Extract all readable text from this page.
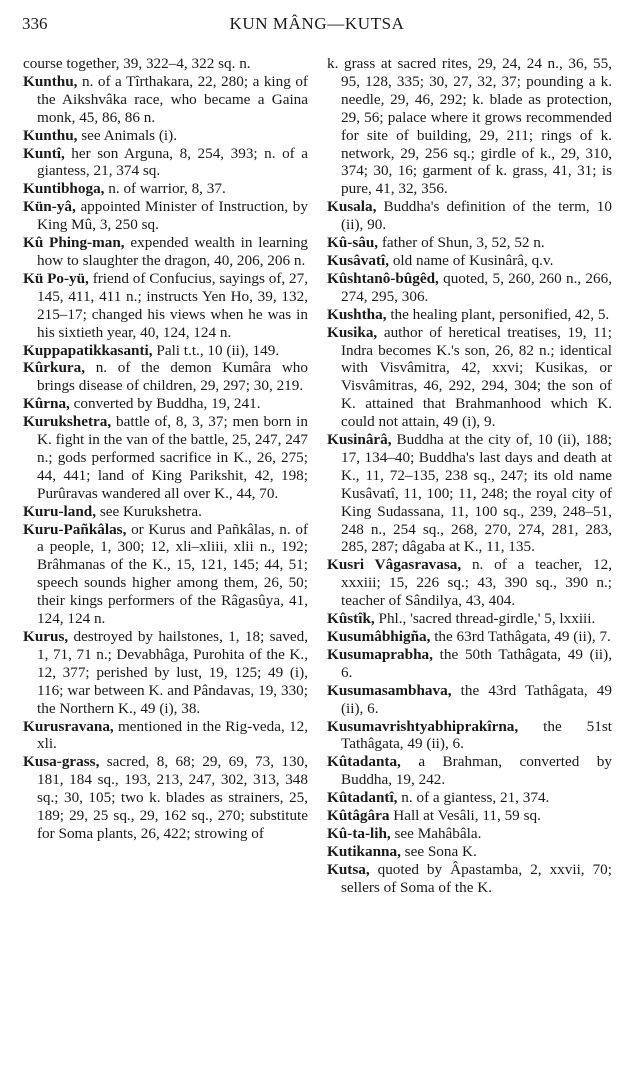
336	KUN MÂNG—KUTSA

course together, 39, 322–4, 322 sq. n.

Kunthu, n. of a Tîrthakara, 22, 280; a king of the Aikshvâka race, who became a Gaina monk, 45, 86, 86 n.

Kunthu, see Animals (i).

Kuntî, her son Arguna, 8, 254, 393; n. of a giantess, 21, 374 sq.

Kuntibhoga, n. of warrior, 8, 37.

Kün-yâ, appointed Minister of Instruction, by King Mû, 3, 250 sq.

Kû Phing-man, expended wealth in learning how to slaughter the dragon, 40, 206, 206 n.

Kü Po-yü, friend of Confucius, sayings of, 27, 145, 411, 411 n.; instructs Yen Ho, 39, 132, 215–17; changed his views when he was in his sixtieth year, 40, 124, 124 n.

Kuppapatikkasanti, Pali t.t., 10 (ii), 149.

Kûrkura, n. of the demon Kumâra who brings disease of children, 29, 297; 30, 219.

Kûrna, converted by Buddha, 19, 241.

Kurukshetra, battle of, 8, 3, 37; men born in K. fight in the van of the battle, 25, 247, 247 n.; gods performed sacrifice in K., 26, 275; 44, 441; land of King Parikshit, 42, 198; Purûravas wandered all over K., 44, 70.

Kuru-land, see Kurukshetra.

Kuru-Pañkâlas, or Kurus and Pañkâlas, n. of a people, 1, 300; 12, xli–xliii, xlii n., 192; Brâhmanas of the K., 15, 121, 145; 44, 51; speech sounds higher among them, 26, 50; their kings performers of the Râgasûya, 41, 124, 124 n.

Kurus, destroyed by hailstones, 1, 18; saved, 1, 71, 71 n.; Devabhâga, Purohita of the K., 12, 377; perished by lust, 19, 125; 49 (i), 116; war between K. and Pândavas, 19, 330; the Northern K., 49 (i), 38.

Kurusravana, mentioned in the Rig-veda, 12, xli.

Kusa-grass, sacred, 8, 68; 29, 69, 73, 130, 181, 184 sq., 193, 213, 247, 302, 313, 348 sq.; 30, 105; two k. blades as strainers, 25, 189; 29, 25 sq., 29, 162 sq., 270; substitute for Soma plants, 26, 422; strowing of

k. grass at sacred rites, 29, 24, 24 n., 36, 55, 95, 128, 335; 30, 27, 32, 37; pounding a k. needle, 29, 46, 292; k. blade as protection, 29, 56; palace where it grows recommended for site of building, 29, 211; rings of k. network, 29, 256 sq.; girdle of k., 29, 310, 374; 30, 16; garment of k. grass, 41, 31; is pure, 41, 32, 356.

Kusala, Buddha's definition of the term, 10 (ii), 90.

Kû-sâu, father of Shun, 3, 52, 52 n.

Kusâvatî, old name of Kusinârâ, q.v.

Kûshtanô-bûgêd, quoted, 5, 260, 260 n., 266, 274, 295, 306.

Kushtha, the healing plant, personified, 42, 5.

Kusika, author of heretical treatises, 19, 11; Indra becomes K.'s son, 26, 82 n.; identical with Visvâmitra, 42, xxvi; Kusikas, or Visvâmitras, 46, 292, 294, 304; the son of K. attained that Brahmanhood which K. could not attain, 49 (i), 9.

Kusinârâ, Buddha at the city of, 10 (ii), 188; 17, 134–40; Buddha's last days and death at K., 11, 72–135, 238 sq., 247; its old name Kusâvatî, 11, 100; 11, 248; the royal city of King Sudassana, 11, 100 sq., 239, 248–51, 248 n., 254 sq., 268, 270, 274, 281, 283, 285, 287; dâgaba at K., 11, 135.

Kusri Vâgasravasa, n. of a teacher, 12, xxxiii; 15, 226 sq.; 43, 390 sq., 390 n.; teacher of Sândilya, 43, 404.

Kûstîk, Phl., 'sacred thread-girdle,' 5, lxxiii.

Kusumâbhigña, the 63rd Tathâgata, 49 (ii), 7.

Kusumaprabha, the 50th Tathâgata, 49 (ii), 6.

Kusumasambhava, the 43rd Tathâgata, 49 (ii), 6.

Kusumavrishtyabhiprakîrna, the 51st Tathâgata, 49 (ii), 6.

Kûtadanta, a Brahman, converted by Buddha, 19, 242.

Kûtadantî, n. of a giantess, 21, 374.

Kûtâgâra Hall at Vesâli, 11, 59 sq.

Kû-ta-lih, see Mahâbâla.

Kutikanna, see Sona K.

Kutsa, quoted by Âpastamba, 2, xxvii, 70; sellers of Soma of the K.
